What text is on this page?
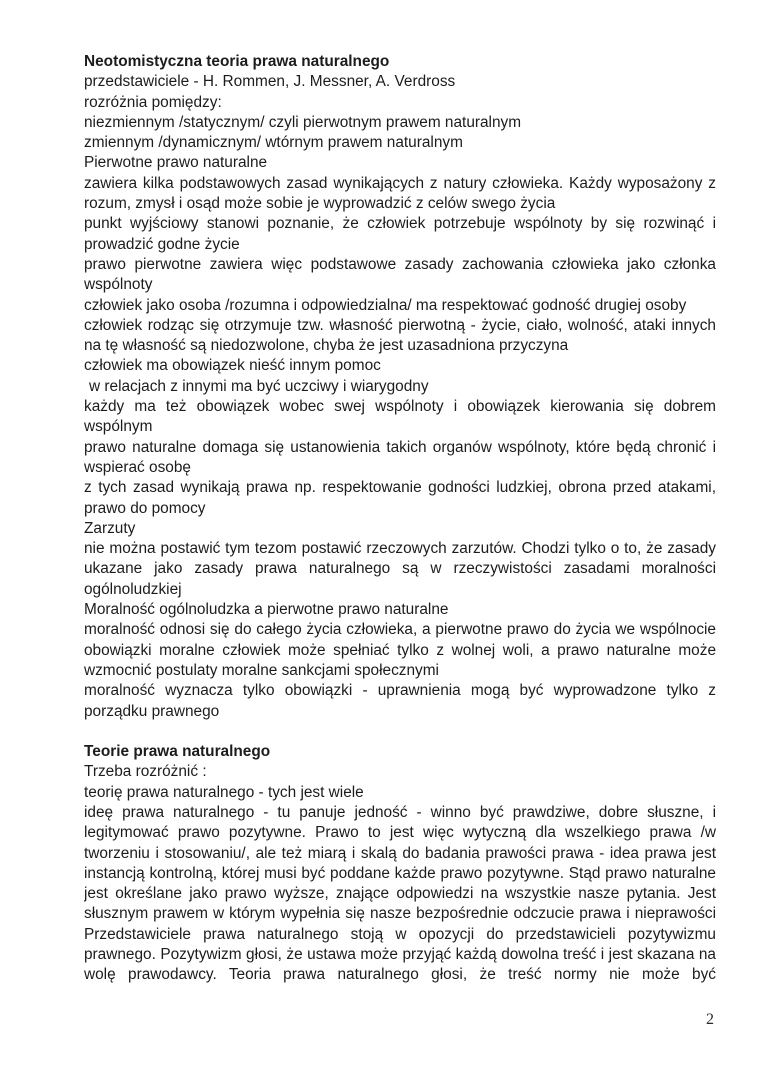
Neotomistyczna teoria prawa naturalnego
przedstawiciele - H. Rommen, J. Messner, A. Verdross
rozróżnia pomiędzy:
niezmiennym /statycznym/ czyli pierwotnym prawem naturalnym
zmiennym /dynamicznym/ wtórnym prawem naturalnym
Pierwotne prawo naturalne
zawiera kilka podstawowych zasad wynikających z natury człowieka. Każdy wyposażony z
rozum, zmysł i osąd może sobie je wyprowadzić z celów swego życia
punkt wyjściowy stanowi poznanie, że człowiek potrzebuje wspólnoty by się rozwinąć i
prowadzić godne życie
prawo pierwotne zawiera więc podstawowe zasady zachowania człowieka jako członka
wspólnoty
człowiek jako osoba /rozumna i odpowiedzialna/ ma respektować godność drugiej osoby
człowiek rodząc się otrzymuje tzw. własność pierwotną - życie, ciało, wolność, ataki innych
na tę własność są niedozwolone, chyba że jest uzasadniona przyczyna
człowiek ma obowiązek nieść innym pomoc
w relacjach z innymi ma być uczciwy i wiarygodny
każdy ma też obowiązek wobec swej wspólnoty i obowiązek kierowania się dobrem
wspólnym
prawo naturalne domaga się ustanowienia takich organów wspólnoty, które będą chronić i
wspierać osobę
z tych zasad wynikają prawa np. respektowanie godności ludzkiej, obrona przed atakami,
prawo do pomocy
Zarzuty
nie można postawić tym tezom postawić rzeczowych zarzutów. Chodzi tylko o to, że zasady
ukazane jako zasady prawa naturalnego są w rzeczywistości zasadami moralności
ogólnoludzkiej
Moralność ogólnoludzka a pierwotne prawo naturalne
moralność odnosi się do całego życia człowieka, a pierwotne prawo do życia we wspólnocie
obowiązki moralne człowiek może spełniać tylko z wolnej woli, a prawo naturalne może
wzmocnić postulaty moralne sankcjami społecznymi
moralność wyznacza tylko obowiązki - uprawnienia mogą być wyprowadzone tylko z
porządku prawnego
Teorie prawa naturalnego
Trzeba rozróżnić :
teorię prawa naturalnego - tych jest wiele
ideę prawa naturalnego - tu panuje jedność - winno być prawdziwe, dobre słuszne, i
legitymować prawo pozytywne. Prawo to jest więc wytyczną dla wszelkiego prawa /w
tworzeniu i stosowaniu/, ale też miarą i skalą do badania prawości prawa - idea prawa jest
instancją kontrolną, której musi być poddane każde prawo pozytywne. Stąd prawo naturalne
jest określane jako prawo wyższe, znające odpowiedzi na wszystkie nasze pytania. Jest
słusznym prawem w którym wypełnia się nasze bezpośrednie odczucie prawa i nieprawości
Przedstawiciele prawa naturalnego stoją w opozycji do przedstawicieli pozytywizmu
prawnego. Pozytywizm głosi, że ustawa może przyjąć każdą dowolna treść i jest skazana na
wolę prawodawcy. Teoria prawa naturalnego głosi, że treść normy nie może być
2
